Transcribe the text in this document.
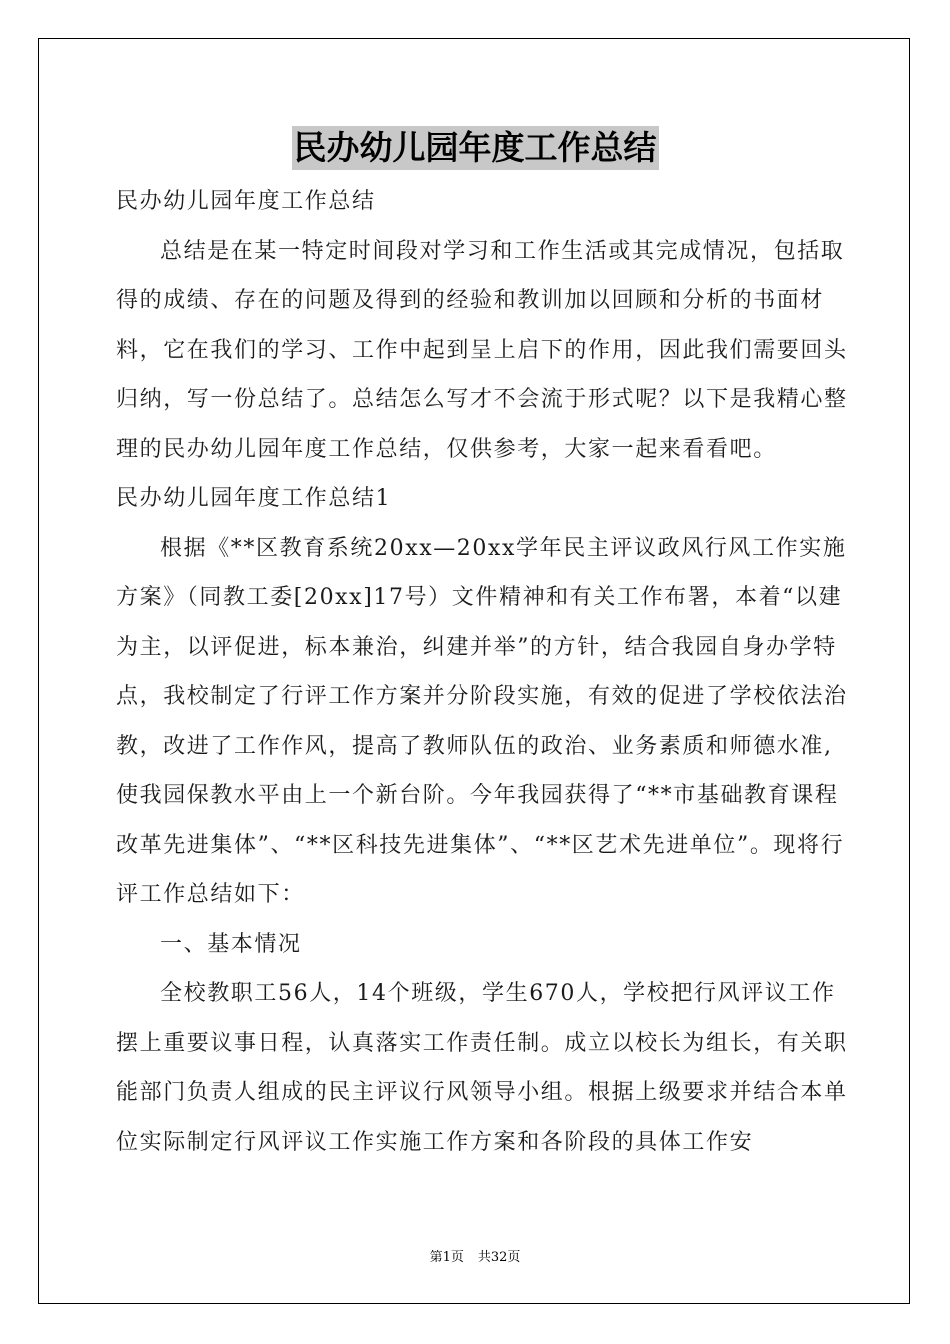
民办幼儿园年度工作总结

民办幼儿园年度工作总结

总结是在某一特定时间段对学习和工作生活或其完成情况，包括取得的成绩、存在的问题及得到的经验和教训加以回顾和分析的书面材料，它在我们的学习、工作中起到呈上启下的作用，因此我们需要回头归纳，写一份总结了。总结怎么写才不会流于形式呢？以下是我精心整理的民办幼儿园年度工作总结，仅供参考，大家一起来看看吧。

民办幼儿园年度工作总结1

根据《**区教育系统20xx—20xx学年民主评议政风行风工作实施方案》（同教工委[20xx]17号）文件精神和有关工作布署，本着“以建为主，以评促进，标本兼治，纠建并举”的方针，结合我园自身办学特点，我校制定了行评工作方案并分阶段实施，有效的促进了学校依法治教，改进了工作作风，提高了教师队伍的政治、业务素质和师德水准,使我园保教水平由上一个新台阶。今年我园获得了“**市基础教育课程改革先进集体”、“**区科技先进集体”、“**区艺术先进单位”。现将行评工作总结如下：

一、基本情况

全校教职工56人，14个班级，学生670人，学校把行风评议工作摆上重要议事日程，认真落实工作责任制。成立以校长为组长，有关职能部门负责人组成的民主评议行风领导小组。根据上级要求并结合本单位实际制定行风评议工作实施工作方案和各阶段的具体工作安

第1页 共32页
